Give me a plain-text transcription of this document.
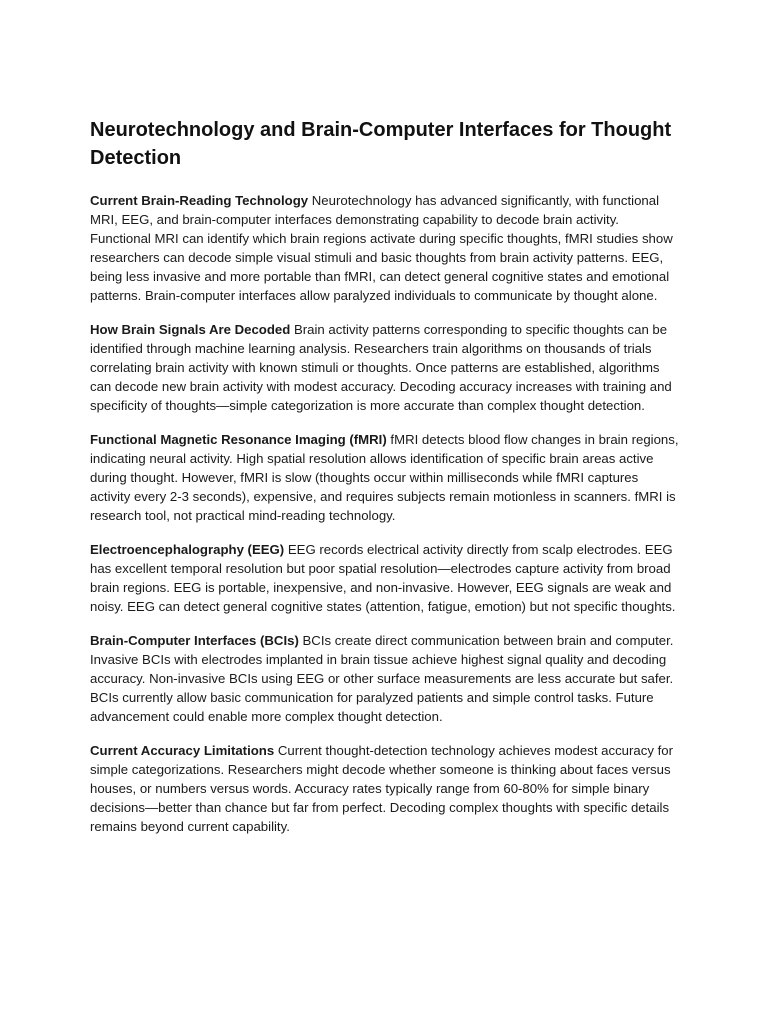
Neurotechnology and Brain-Computer Interfaces for Thought Detection

Current Brain-Reading Technology Neurotechnology has advanced significantly, with functional MRI, EEG, and brain-computer interfaces demonstrating capability to decode brain activity. Functional MRI can identify which brain regions activate during specific thoughts, fMRI studies show researchers can decode simple visual stimuli and basic thoughts from brain activity patterns. EEG, being less invasive and more portable than fMRI, can detect general cognitive states and emotional patterns. Brain-computer interfaces allow paralyzed individuals to communicate by thought alone.

How Brain Signals Are Decoded Brain activity patterns corresponding to specific thoughts can be identified through machine learning analysis. Researchers train algorithms on thousands of trials correlating brain activity with known stimuli or thoughts. Once patterns are established, algorithms can decode new brain activity with modest accuracy. Decoding accuracy increases with training and specificity of thoughts—simple categorization is more accurate than complex thought detection.

Functional Magnetic Resonance Imaging (fMRI) fMRI detects blood flow changes in brain regions, indicating neural activity. High spatial resolution allows identification of specific brain areas active during thought. However, fMRI is slow (thoughts occur within milliseconds while fMRI captures activity every 2-3 seconds), expensive, and requires subjects remain motionless in scanners. fMRI is research tool, not practical mind-reading technology.

Electroencephalography (EEG) EEG records electrical activity directly from scalp electrodes. EEG has excellent temporal resolution but poor spatial resolution—electrodes capture activity from broad brain regions. EEG is portable, inexpensive, and non-invasive. However, EEG signals are weak and noisy. EEG can detect general cognitive states (attention, fatigue, emotion) but not specific thoughts.

Brain-Computer Interfaces (BCIs) BCIs create direct communication between brain and computer. Invasive BCIs with electrodes implanted in brain tissue achieve highest signal quality and decoding accuracy. Non-invasive BCIs using EEG or other surface measurements are less accurate but safer. BCIs currently allow basic communication for paralyzed patients and simple control tasks. Future advancement could enable more complex thought detection.

Current Accuracy Limitations Current thought-detection technology achieves modest accuracy for simple categorizations. Researchers might decode whether someone is thinking about faces versus houses, or numbers versus words. Accuracy rates typically range from 60-80% for simple binary decisions—better than chance but far from perfect. Decoding complex thoughts with specific details remains beyond current capability.
